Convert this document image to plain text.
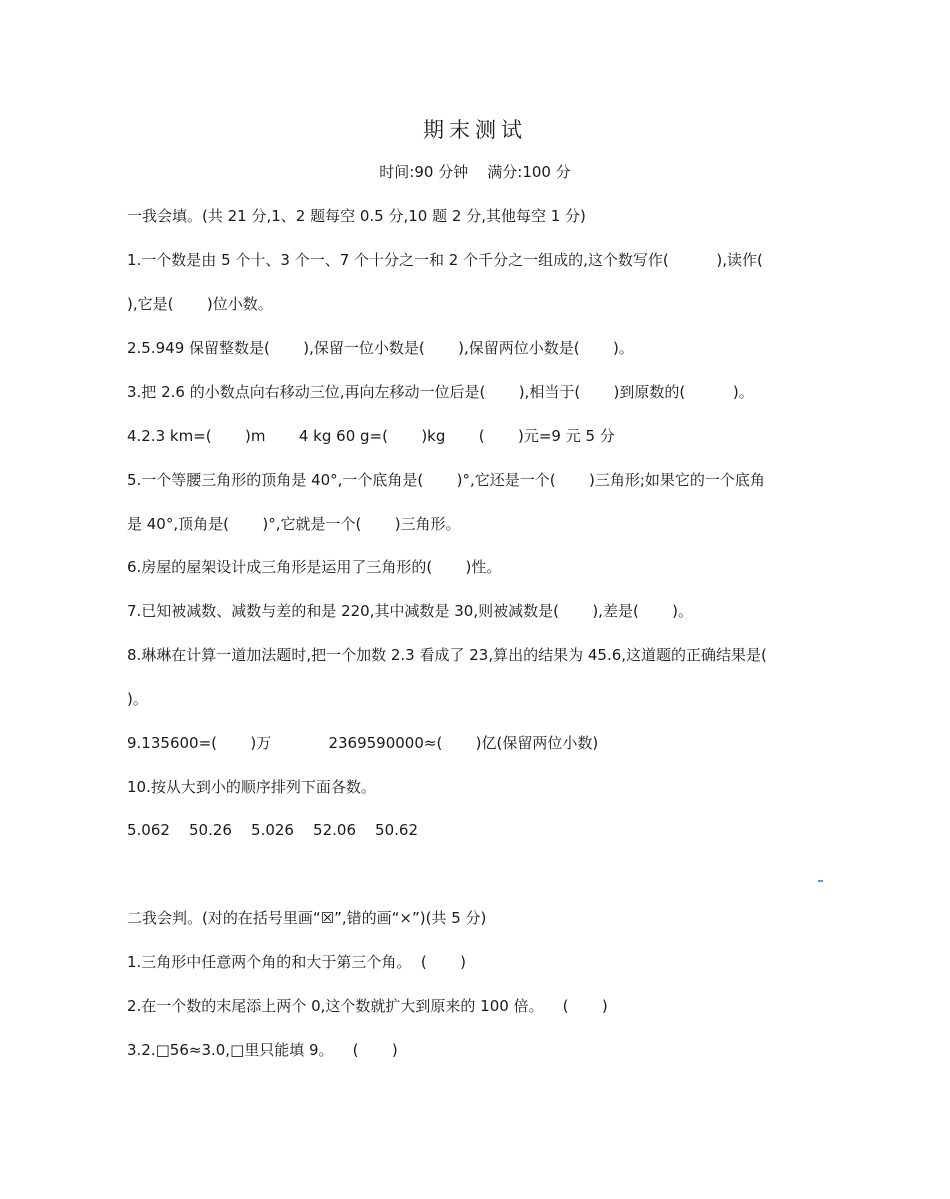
期末测试
时间:90 分钟    满分:100 分
一我会填。(共 21 分,1、2 题每空 0.5 分,10 题 2 分,其他每空 1 分)
1.一个数是由 5 个十、3 个一、7 个十分之一和 2 个千分之一组成的,这个数写作(          ),读作(
),它是(       )位小数。
2.5.949 保留整数是(       ),保留一位小数是(       ),保留两位小数是(       )。
3.把 2.6 的小数点向右移动三位,再向左移动一位后是(       ),相当于(       )到原数的(          )。
4.2.3 km=(       )m       4 kg 60 g=(       )kg       (       )元=9 元 5 分
5.一个等腰三角形的顶角是 40°,一个底角是(       )°,它还是一个(       )三角形;如果它的一个底角
是 40°,顶角是(       )°,它就是一个(       )三角形。
6.房屋的屋架设计成三角形是运用了三角形的(       )性。
7.已知被减数、减数与差的和是 220,其中减数是 30,则被减数是(       ),差是(       )。
8.琳琳在计算一道加法题时,把一个加数 2.3 看成了 23,算出的结果为 45.6,这道题的正确结果是(
)。
9.135600=(       )万            2369590000≈(       )亿(保留两位小数)
10.按从大到小的顺序排列下面各数。
5.062    50.26    5.026    52.06    50.62
二我会判。(对的在括号里画“☒”,错的画“×”)(共 5 分)
1.三角形中任意两个角的和大于第三个角。  (       )
2.在一个数的末尾添上两个 0,这个数就扩大到原来的 100 倍。    (       )
3.2.□56≈3.0,□里只能填 9。    (       )
